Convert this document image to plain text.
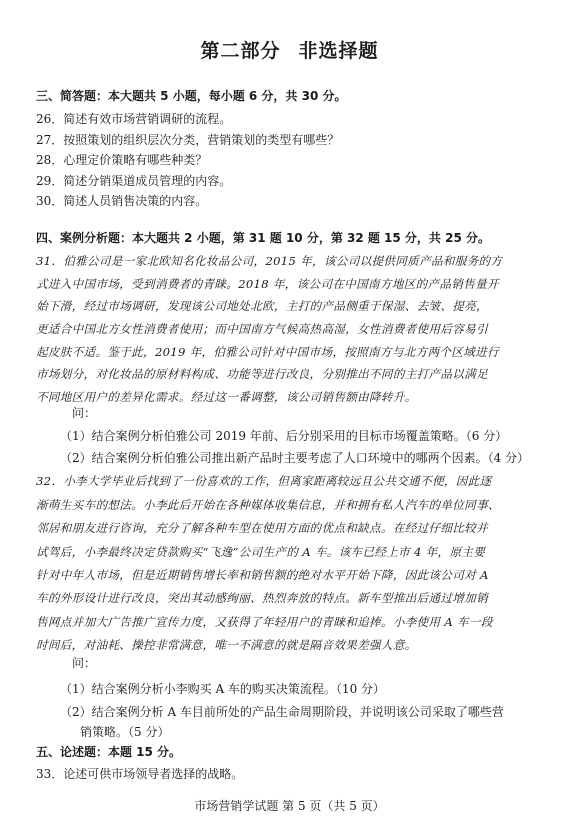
第二部分 非选择题
三、简答题：本大题共 5 小题，每小题 6 分，共 30 分。
26．简述有效市场营销调研的流程。
27．按照策划的组织层次分类，营销策划的类型有哪些？
28．心理定价策略有哪些种类？
29．简述分销渠道成员管理的内容。
30．简述人员销售决策的内容。
四、案例分析题：本大题共 2 小题，第 31 题 10 分，第 32 题 15 分，共 25 分。
31．伯雅公司是一家北欧知名化妆品公司，2015 年，该公司以提供同质产品和服务的方
式进入中国市场，受到消费者的青睐。2018 年，该公司在中国南方地区的产品销售量开
始下滑，经过市场调研，发现该公司地处北欧，主打的产品侧重于保湿、去皱、提亮，
更适合中国北方女性消费者使用；而中国南方气候高热高湿，女性消费者使用后容易引
起皮肤不适。鉴于此，2019 年，伯雅公司针对中国市场，按照南方与北方两个区域进行
市场划分，对化妆品的原材料构成、功能等进行改良，分别推出不同的主打产品以满足
不同地区用户的差异化需求。经过这一番调整，该公司销售额由降转升。
问：
（1）结合案例分析伯雅公司 2019 年前、后分别采用的目标市场覆盖策略。（6 分）
（2）结合案例分析伯雅公司推出新产品时主要考虑了人口环境中的哪两个因素。（4 分）
32．小李大学毕业后找到了一份喜欢的工作，但离家距离较远且公共交通不便，因此逐
渐萌生买车的想法。小李此后开始在各种媒体收集信息，并和拥有私人汽车的单位同事、
邻居和朋友进行咨询，充分了解各种车型在使用方面的优点和缺点。在经过仔细比较并
试驾后，小李最终决定贷款购买“飞逸”公司生产的 A 车。该车已经上市 4 年，原主要
针对中年人市场，但是近期销售增长率和销售额的绝对水平开始下降，因此该公司对 A
车的外形设计进行改良，突出其动感绚丽、热烈奔放的特点。新车型推出后通过增加销
售网点并加大广告推广宣传力度，又获得了年轻用户的青睐和追捧。小李使用 A 车一段
时间后，对油耗、操控非常满意，唯一不满意的就是隔音效果差强人意。
问：
（1）结合案例分析小李购买 A 车的购买决策流程。（10 分）
（2）结合案例分析 A 车目前所处的产品生命周期阶段，并说明该公司采取了哪些营
销策略。（5 分）
五、论述题：本题 15 分。
市场营销学试题 第 5 页（共 5 页）
33．论述可供市场领导者选择的战略。
